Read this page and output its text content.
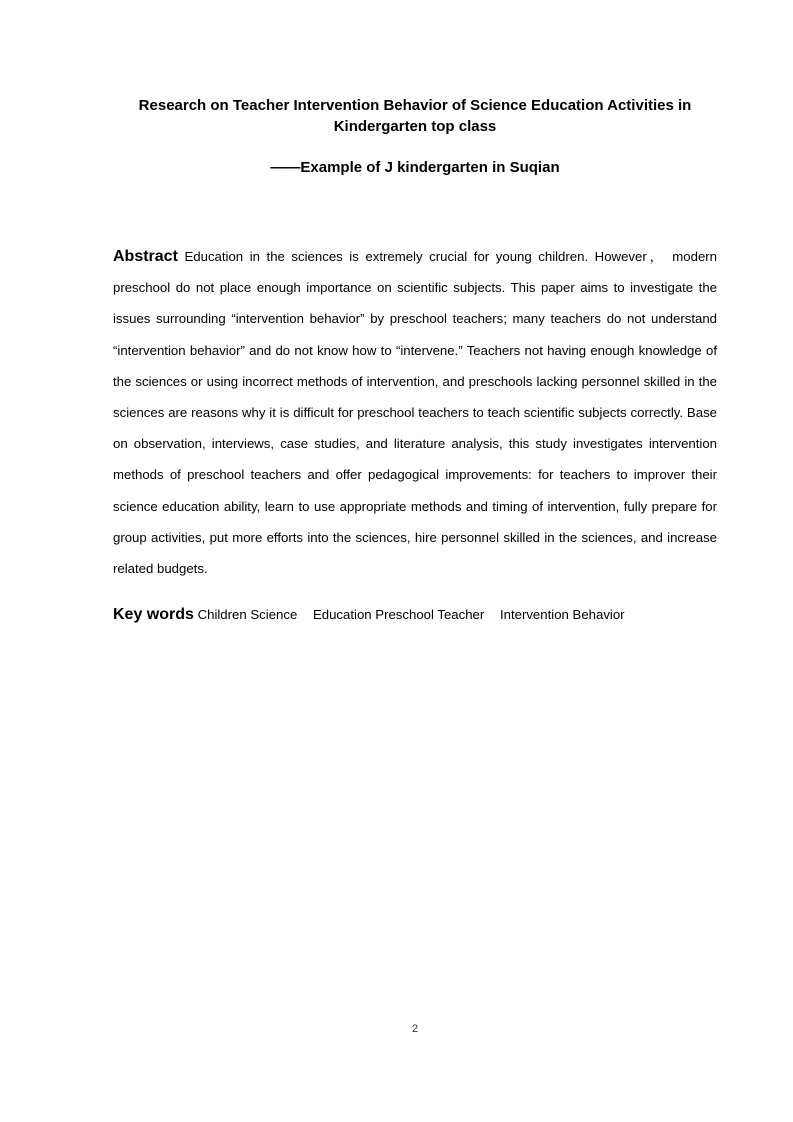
Research on Teacher Intervention Behavior of Science Education Activities in Kindergarten top class

——Example of J kindergarten in Suqian

Abstract Education in the sciences is extremely crucial for young children. However， modern preschool do not place enough importance on scientific subjects. This paper aims to investigate the issues surrounding “intervention behavior” by preschool teachers; many teachers do not understand “intervention behavior” and do not know how to “intervene.” Teachers not having enough knowledge of the sciences or using incorrect methods of intervention, and preschools lacking personnel skilled in the sciences are reasons why it is difficult for preschool teachers to teach scientific subjects correctly. Base on observation, interviews, case studies, and literature analysis, this study investigates intervention methods of preschool teachers and offer pedagogical improvements: for teachers to improver their science education ability, learn to use appropriate methods and timing of intervention, fully prepare for group activities, put more efforts into the sciences, hire personnel skilled in the sciences, and increase related budgets.

Key words Children Science Education Preschool Teacher Intervention Behavior

2
